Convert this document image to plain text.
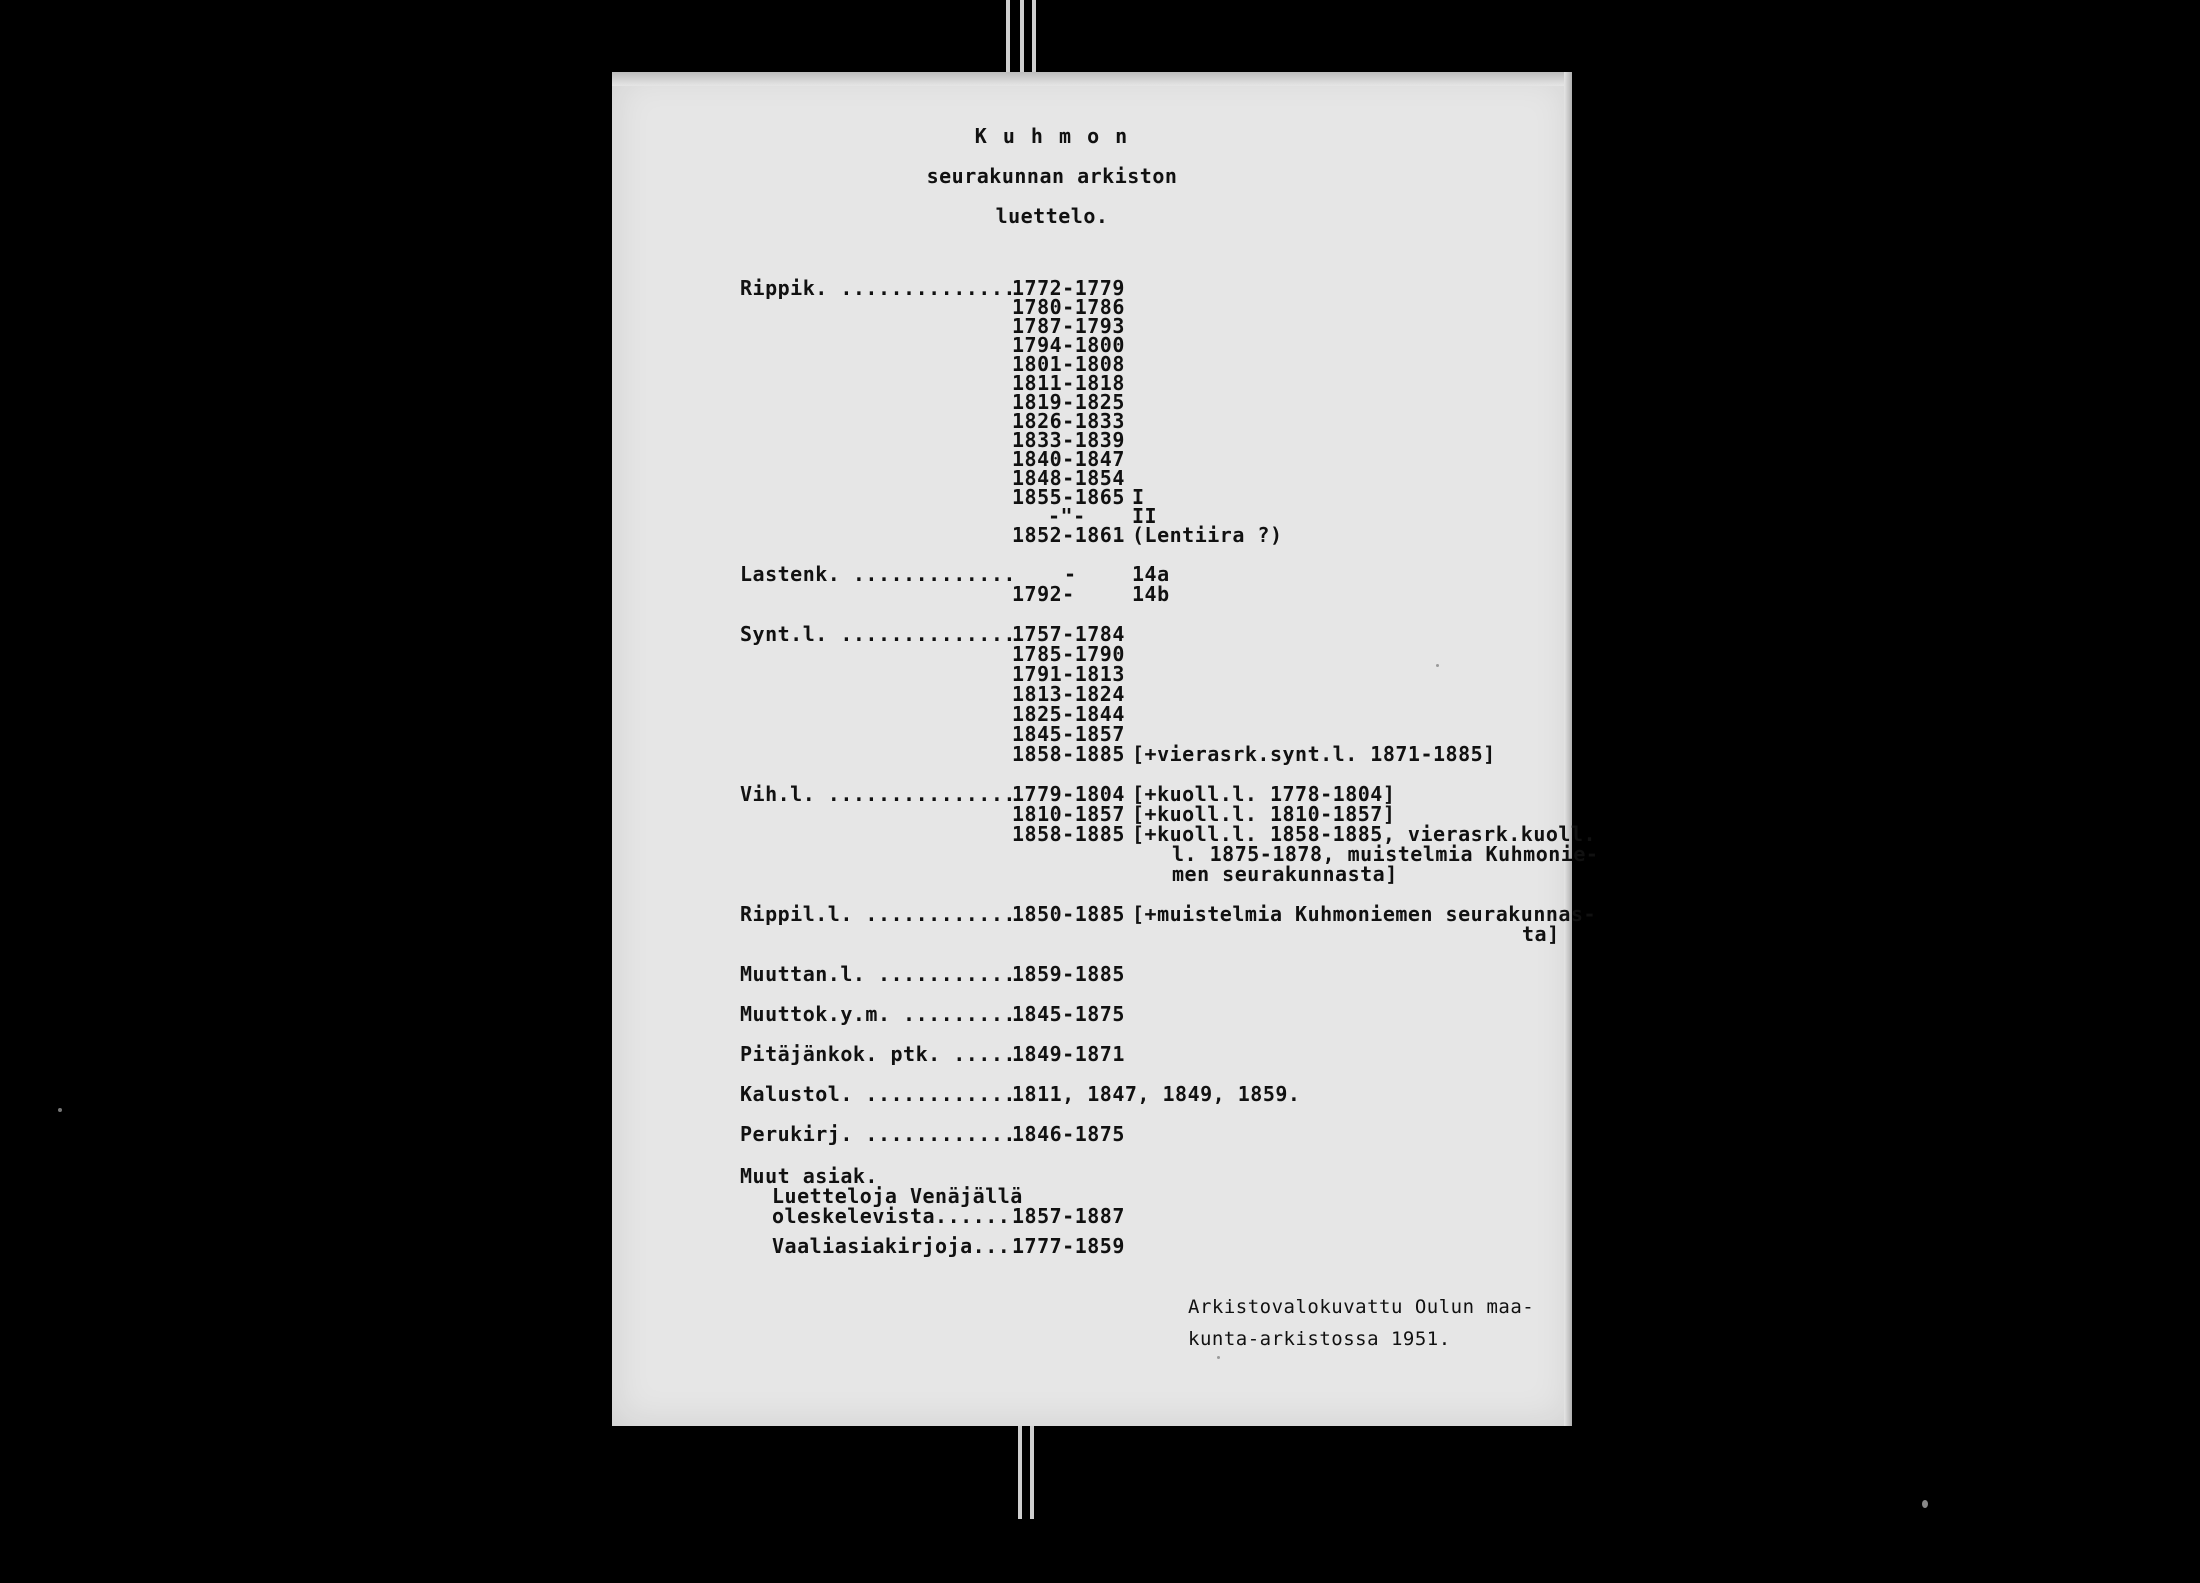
K u h m o n
seurakunnan arkiston
luettelo.
Rippik. ..............
1772-1779
1780-1786
1787-1793
1794-1800
1801-1808
1811-1818
1819-1825
1826-1833
1833-1839
1840-1847
1848-1854
1855-1865 I
-"- II
1852-1861 (Lentiira ?)
Lastenk. ............. -	14a
1792-	14b
Synt.l. ..............
1757-1784
1785-1790
1791-1813
1813-1824
1825-1844
1845-1857
1858-1885 [+vierasrk.synt.l. 1871-1885]
Vih.l. ...............
1779-1804 [+kuoll.l. 1778-1804]
1810-1857 [+kuoll.l. 1810-1857]
1858-1885 [+kuoll.l. 1858-1885, vierasrk.kuoll.
l. 1875-1878, muistelmia Kuhmonie-
men seurakunnasta]
Rippil.l. ............
1850-1885 [+muistelmia Kuhmoniemen seurakunnas-
ta]
Muuttan.l. ...........
1859-1885
Muuttok.y.m. .........
1845-1875
Pitäjänkok. ptk. .....
1849-1871
Kalustol. ............
1811, 1847, 1849, 1859.
Perukirj. ............
1846-1875
Muut asiak.
Luetteloja Venäjällä
oleskelevista...... 1857-1887
Vaaliasiakirjoja... 1777-1859
Arkistovalokuvattu Oulun maa-
kunta-arkistossa 1951.
